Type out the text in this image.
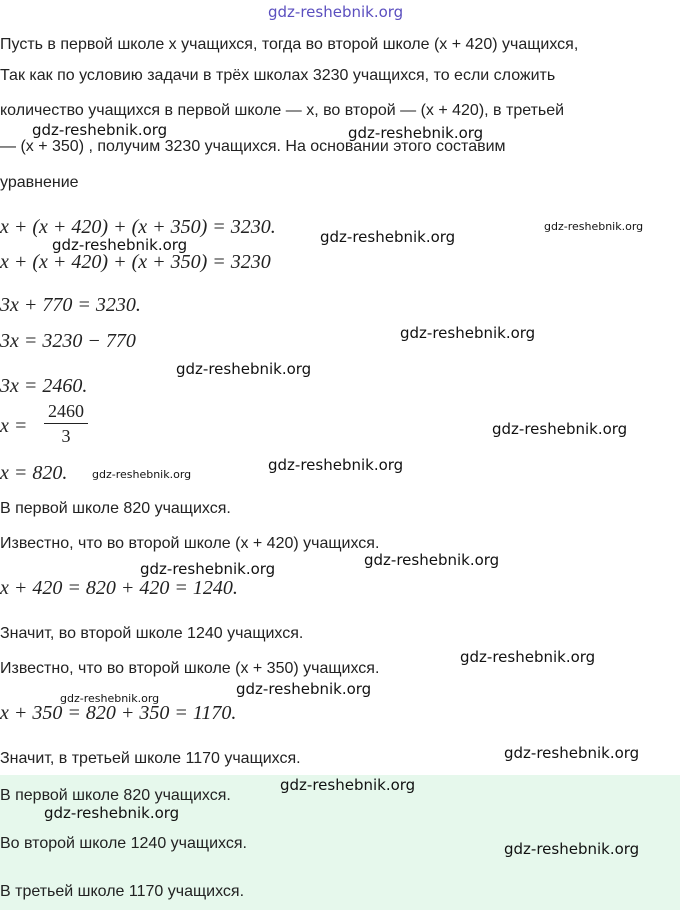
gdz-reshebnik.org
Пусть в первой школе x учащихся, тогда во второй школе (x + 420) учащихся,
Так как по условию задачи в трёх школах 3230 учащихся, то если сложить
количество учащихся в первой школе — x, во второй — (x + 420), в третьей
— (x + 350) , получим 3230 учащихся. На основании этого составим
уравнение
x + (x + 420) + (x + 350) = 3230.
x + (x + 420) + (x + 350) = 3230
3x + 770 = 3230.
3x = 3230 − 770
3x = 2460.
x =
2460
3
x = 820.
В первой школе 820 учащихся.
Известно, что во второй школе (x + 420) учащихся.
x + 420 = 820 + 420 = 1240.
Значит, во второй школе 1240 учащихся.
Известно, что во второй школе (x + 350) учащихся.
x + 350 = 820 + 350 = 1170.
Значит, в третьей школе 1170 учащихся.
В первой школе 820 учащихся.
Во второй школе 1240 учащихся.
В третьей школе 1170 учащихся.
gdz-reshebnik.org	gdz-reshebnik.org
gdz-reshebnik.org
gdz-reshebnik.org
gdz-reshebnik.org
gdz-reshebnik.org
gdz-reshebnik.org
gdz-reshebnik.org
gdz-reshebnik.org
gdz-reshebnik.org
gdz-reshebnik.org
gdz-reshebnik.org
gdz-reshebnik.org
gdz-reshebnik.org
gdz-reshebnik.org
gdz-reshebnik.org
gdz-reshebnik.org
gdz-reshebnik.org
gdz-reshebnik.org
